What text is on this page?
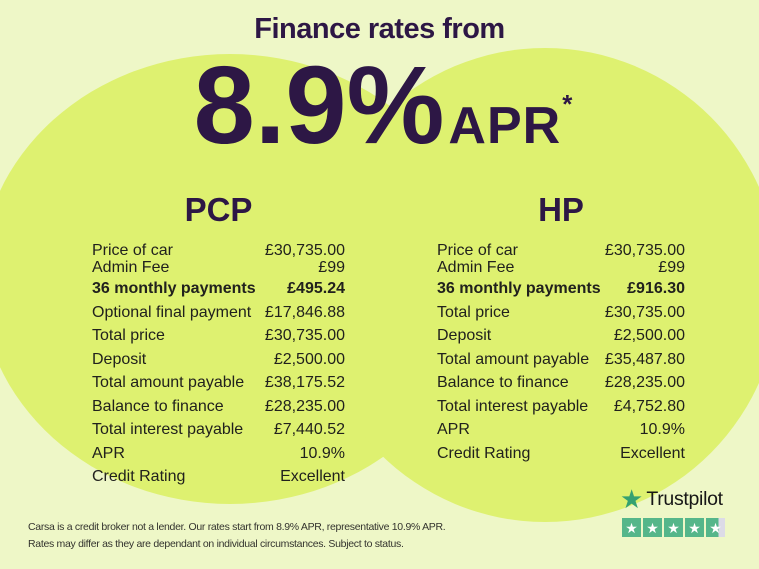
Finance rates from
8.9% APR *
PCP
Price of car	£30,735.00
Admin Fee	£99
36 monthly payments £495.24
Optional final payment £17,846.88
Total price	£30,735.00
Deposit	£2,500.00
Total amount payable £38,175.52
Balance to finance	£28,235.00
Total interest payable £7,440.52
APR	10.9%
Credit Rating	Excellent
HP
Price of car	£30,735.00
Admin Fee	£99
36 monthly payments £916.30
Total price	£30,735.00
Deposit	£2,500.00
Total amount payable £35,487.80
Balance to finance £28,235.00
Total interest payable £4,752.80
APR	10.9%
Credit Rating	Excellent
Carsa is a credit broker not a lender. Our rates start from 8.9% APR, representative 10.9% APR.
Rates may differ as they are dependant on individual circumstances. Subject to status.
★ Trustpilot
★ ★ ★ ★ ★
